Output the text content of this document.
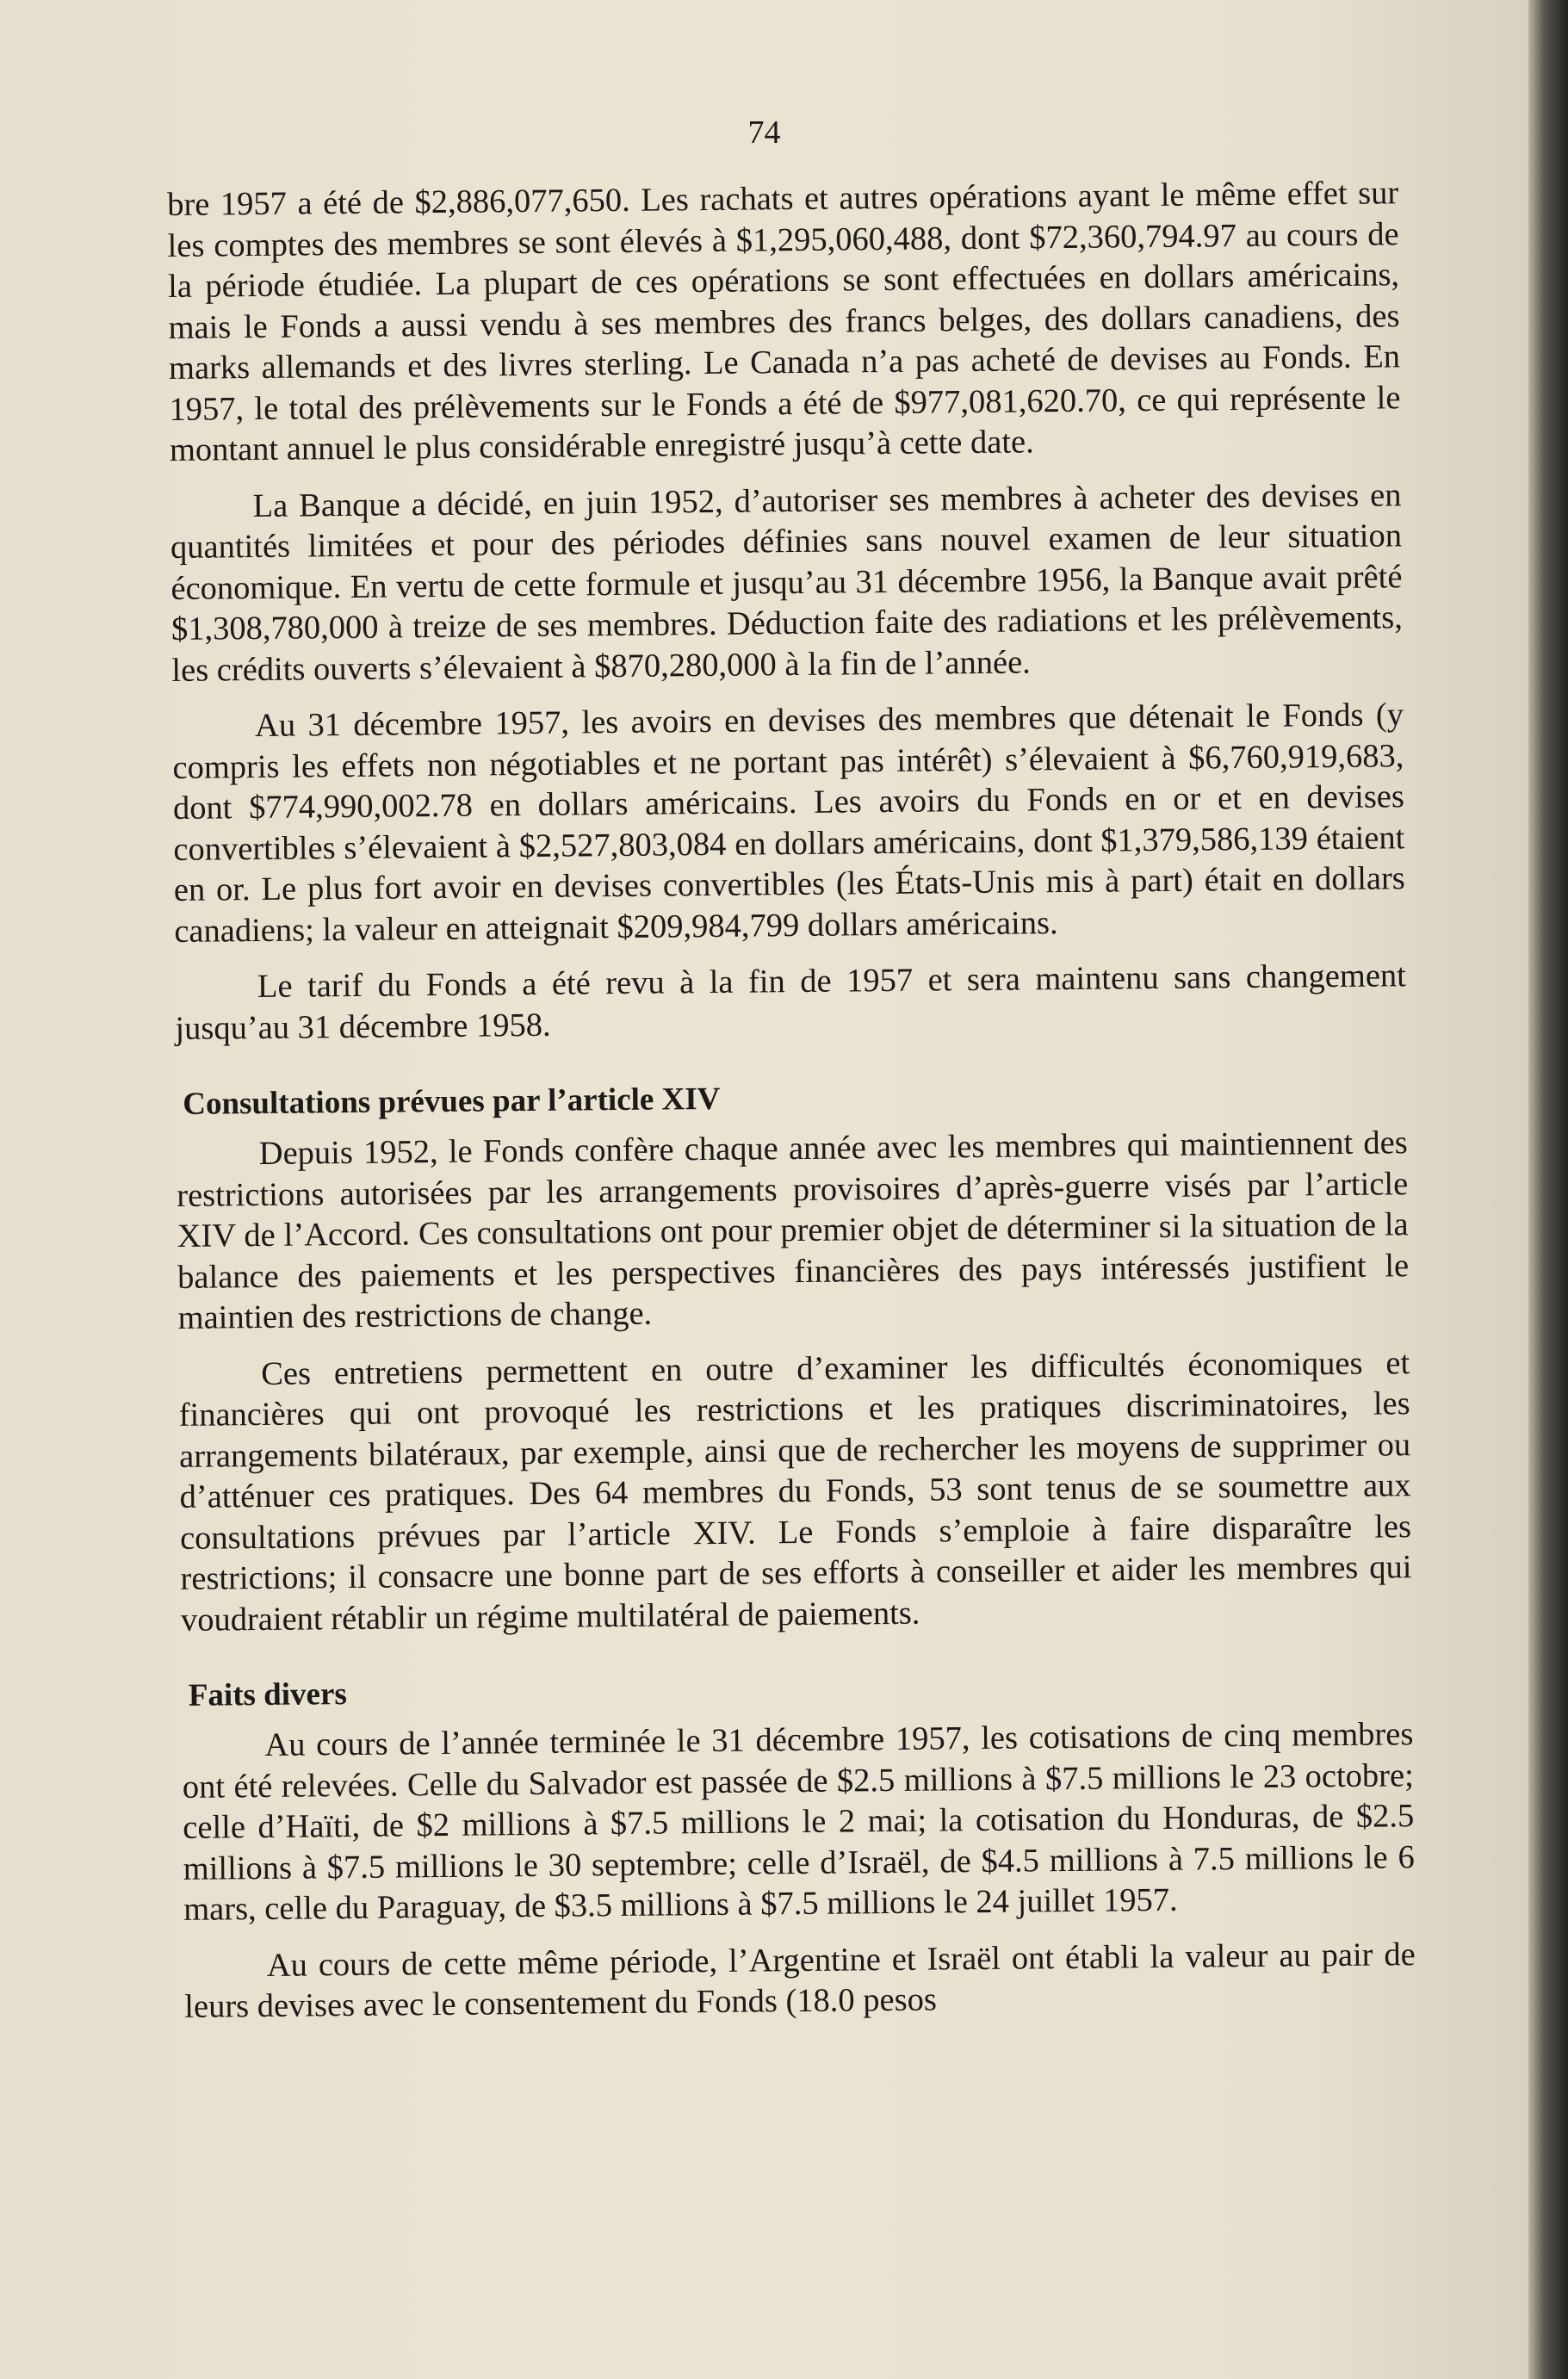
74

bre 1957 a été de $2,886,077,650. Les rachats et autres opérations ayant le même effet sur les comptes des membres se sont élevés à $1,295,060,488, dont $72,360,794.97 au cours de la période étudiée. La plupart de ces opérations se sont effectuées en dollars américains, mais le Fonds a aussi vendu à ses membres des francs belges, des dollars canadiens, des marks allemands et des livres sterling. Le Canada n’a pas acheté de devises au Fonds. En 1957, le total des prélèvements sur le Fonds a été de $977,081,620.70, ce qui représente le montant annuel le plus considérable enregistré jusqu’à cette date.

La Banque a décidé, en juin 1952, d’autoriser ses membres à acheter des devises en quantités limitées et pour des périodes définies sans nouvel examen de leur situation économique. En vertu de cette formule et jusqu’au 31 décembre 1956, la Banque avait prêté $1,308,780,000 à treize de ses membres. Déduction faite des radiations et les prélèvements, les crédits ouverts s’élevaient à $870,280,000 à la fin de l’année.

Au 31 décembre 1957, les avoirs en devises des membres que détenait le Fonds (y compris les effets non négotiables et ne portant pas intérêt) s’élevaient à $6,760,919,683, dont $774,990,002.78 en dollars américains. Les avoirs du Fonds en or et en devises convertibles s’élevaient à $2,527,803,084 en dollars américains, dont $1,379,586,139 étaient en or. Le plus fort avoir en devises convertibles (les États-Unis mis à part) était en dollars canadiens; la valeur en atteignait $209,984,799 dollars américains.

Le tarif du Fonds a été revu à la fin de 1957 et sera maintenu sans changement jusqu’au 31 décembre 1958.

Consultations prévues par l’article XIV

Depuis 1952, le Fonds confère chaque année avec les membres qui maintiennent des restrictions autorisées par les arrangements provisoires d’après-guerre visés par l’article XIV de l’Accord. Ces consultations ont pour premier objet de déterminer si la situation de la balance des paiements et les perspectives financières des pays intéressés justifient le maintien des restrictions de change.

Ces entretiens permettent en outre d’examiner les difficultés économiques et financières qui ont provoqué les restrictions et les pratiques discriminatoires, les arrangements bilatéraux, par exemple, ainsi que de rechercher les moyens de supprimer ou d’atténuer ces pratiques. Des 64 membres du Fonds, 53 sont tenus de se soumettre aux consultations prévues par l’article XIV. Le Fonds s’emploie à faire disparaître les restrictions; il consacre une bonne part de ses efforts à conseiller et aider les membres qui voudraient rétablir un régime multilatéral de paiements.

Faits divers

Au cours de l’année terminée le 31 décembre 1957, les cotisations de cinq membres ont été relevées. Celle du Salvador est passée de $2.5 millions à $7.5 millions le 23 octobre; celle d’Haïti, de $2 millions à $7.5 millions le 2 mai; la cotisation du Honduras, de $2.5 millions à $7.5 millions le 30 septembre; celle d’Israël, de $4.5 millions à 7.5 millions le 6 mars, celle du Paraguay, de $3.5 millions à $7.5 millions le 24 juillet 1957.

Au cours de cette même période, l’Argentine et Israël ont établi la valeur au pair de leurs devises avec le consentement du Fonds (18.0 pesos
